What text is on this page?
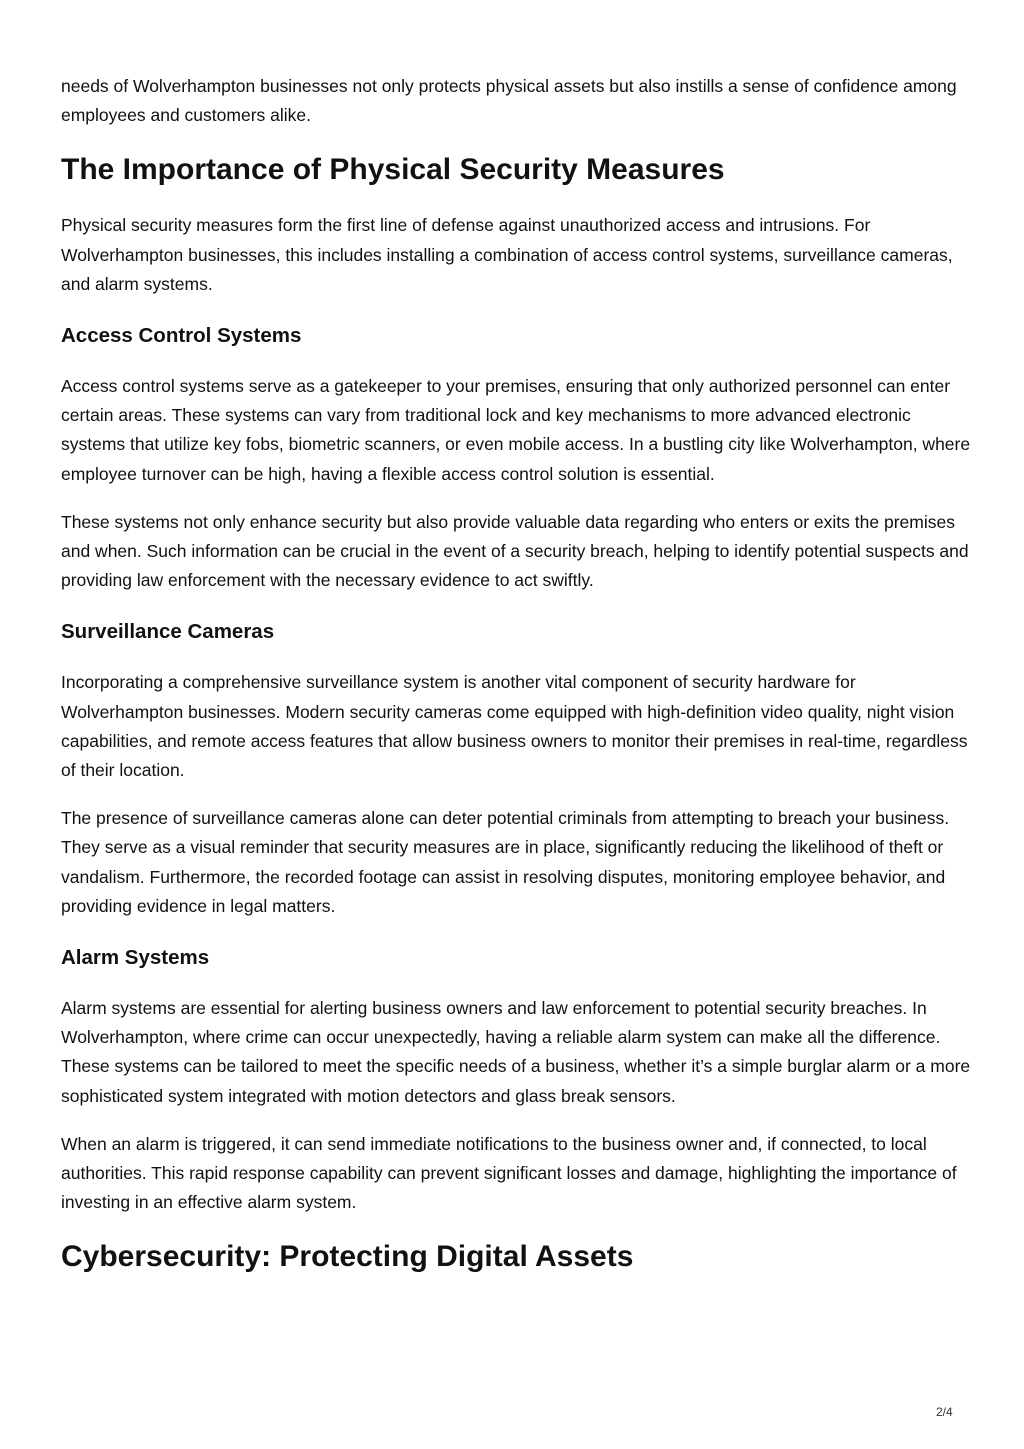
needs of Wolverhampton businesses not only protects physical assets but also instills a sense of confidence among employees and customers alike.

The Importance of Physical Security Measures

Physical security measures form the first line of defense against unauthorized access and intrusions. For Wolverhampton businesses, this includes installing a combination of access control systems, surveillance cameras, and alarm systems.

Access Control Systems

Access control systems serve as a gatekeeper to your premises, ensuring that only authorized personnel can enter certain areas. These systems can vary from traditional lock and key mechanisms to more advanced electronic systems that utilize key fobs, biometric scanners, or even mobile access. In a bustling city like Wolverhampton, where employee turnover can be high, having a flexible access control solution is essential.

These systems not only enhance security but also provide valuable data regarding who enters or exits the premises and when. Such information can be crucial in the event of a security breach, helping to identify potential suspects and providing law enforcement with the necessary evidence to act swiftly.

Surveillance Cameras

Incorporating a comprehensive surveillance system is another vital component of security hardware for Wolverhampton businesses. Modern security cameras come equipped with high-definition video quality, night vision capabilities, and remote access features that allow business owners to monitor their premises in real-time, regardless of their location.

The presence of surveillance cameras alone can deter potential criminals from attempting to breach your business. They serve as a visual reminder that security measures are in place, significantly reducing the likelihood of theft or vandalism. Furthermore, the recorded footage can assist in resolving disputes, monitoring employee behavior, and providing evidence in legal matters.

Alarm Systems

Alarm systems are essential for alerting business owners and law enforcement to potential security breaches. In Wolverhampton, where crime can occur unexpectedly, having a reliable alarm system can make all the difference. These systems can be tailored to meet the specific needs of a business, whether it’s a simple burglar alarm or a more sophisticated system integrated with motion detectors and glass break sensors.

When an alarm is triggered, it can send immediate notifications to the business owner and, if connected, to local authorities. This rapid response capability can prevent significant losses and damage, highlighting the importance of investing in an effective alarm system.

Cybersecurity: Protecting Digital Assets
2/4
